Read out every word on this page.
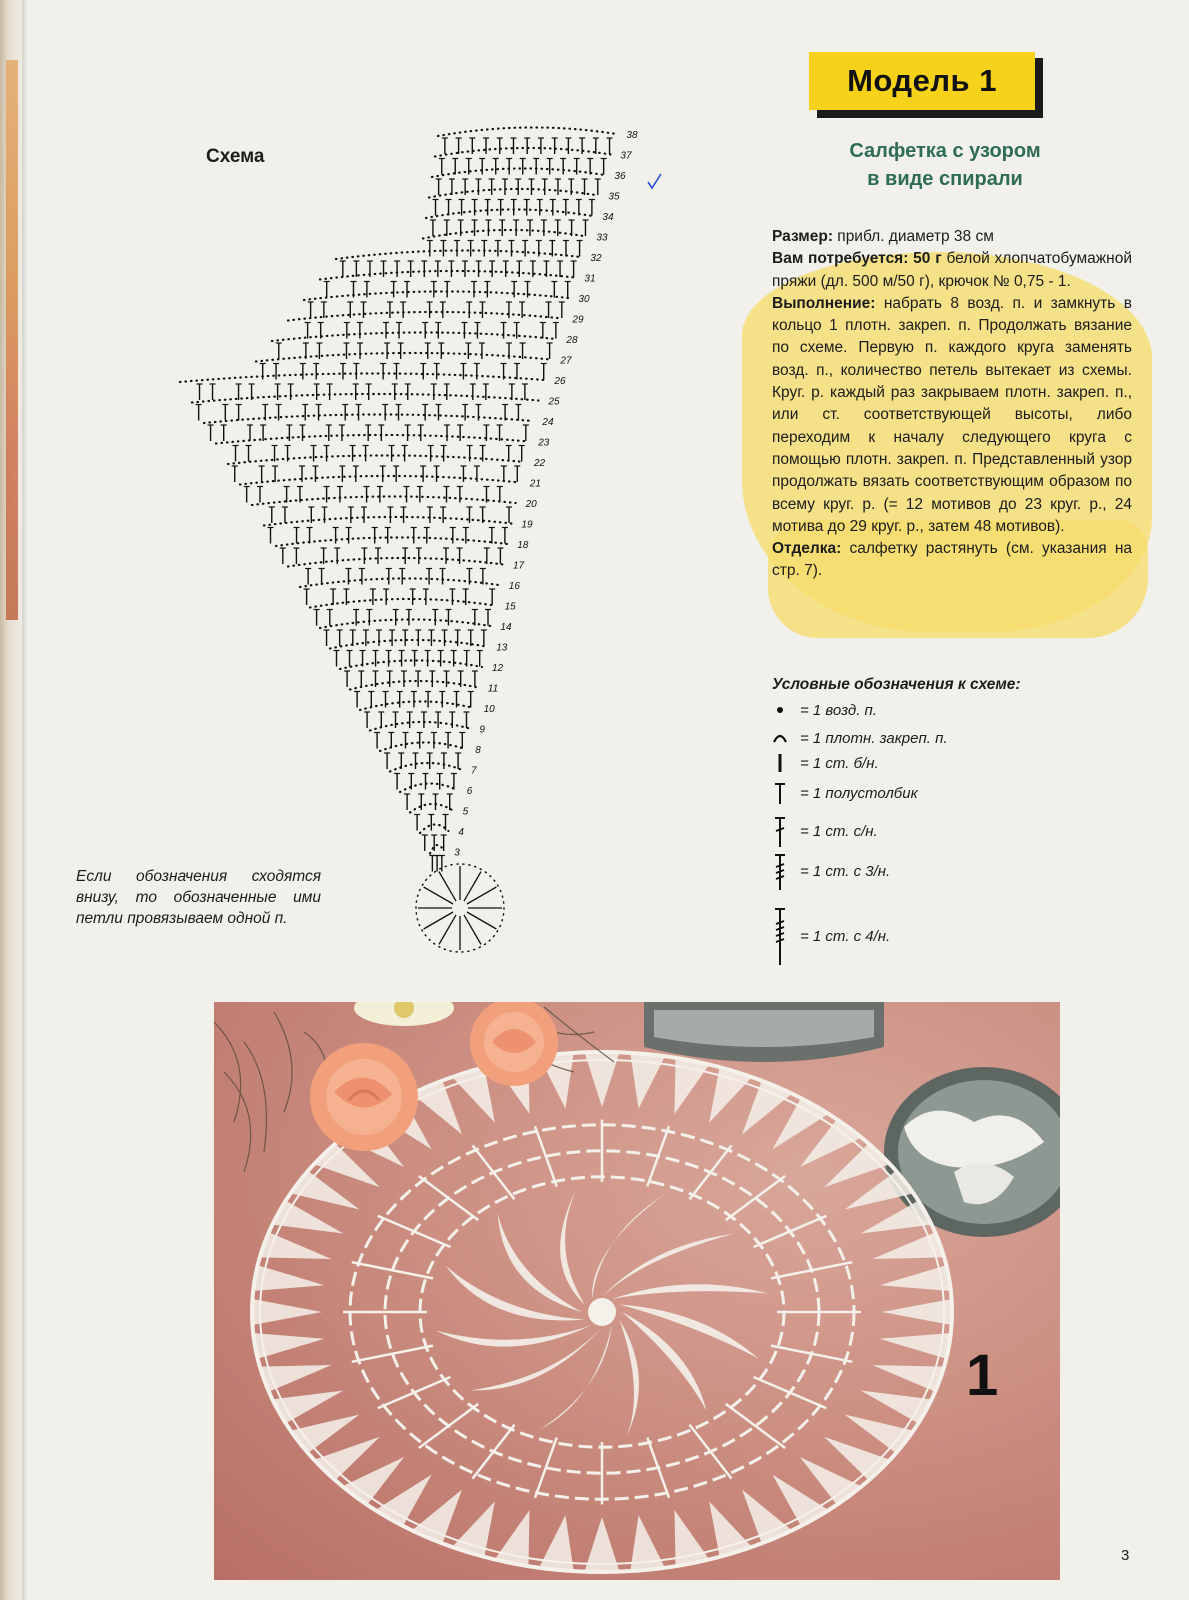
Схема
38
37
36
35
34
33
32
31
30
29
28
27
26
25
24
23
22
21
20
19
18
17
16
15
14
13
12
11
10
9
8
7
6
5
4
3
Если обозначения сходятся внизу, то обозначенные ими петли провязываем одной п.
Модель 1
Салфетка с узором
в виде спирали

Размер: прибл. диаметр 38 см

Вам потребуется: 50 г белой хлопчатобумажной пряжи (дл. 500 м/50 г), крючок № 0,75 - 1.

Выполнение: набрать 8 возд. п. и замкнуть в кольцо 1 плотн. закреп. п. Продолжать вязание по схеме. Первую п. каждого круга заменять возд. п., количество петель вытекает из схемы. Круг. р. каждый раз закрываем плотн. закреп. п., или ст. соответствующей высоты, либо переходим к началу следующего круга с помощью плотн. закреп. п. Представленный узор продолжать вязать соответствующим образом по всему круг. р. (= 12 мотивов до 23 круг. р., 24 мотива до 29 круг. р., затем 48 мотивов).

Отделка: салфетку растянуть (см. указания на стр. 7).

Условные обозначения к схеме:
= 1 возд. п.
= 1 плотн. закреп. п.
= 1 ст. б/н.
= 1 полустолбик
= 1 ст. с/н.
= 1 ст. с 3/н.
= 1 ст. с 4/н.
1
3
